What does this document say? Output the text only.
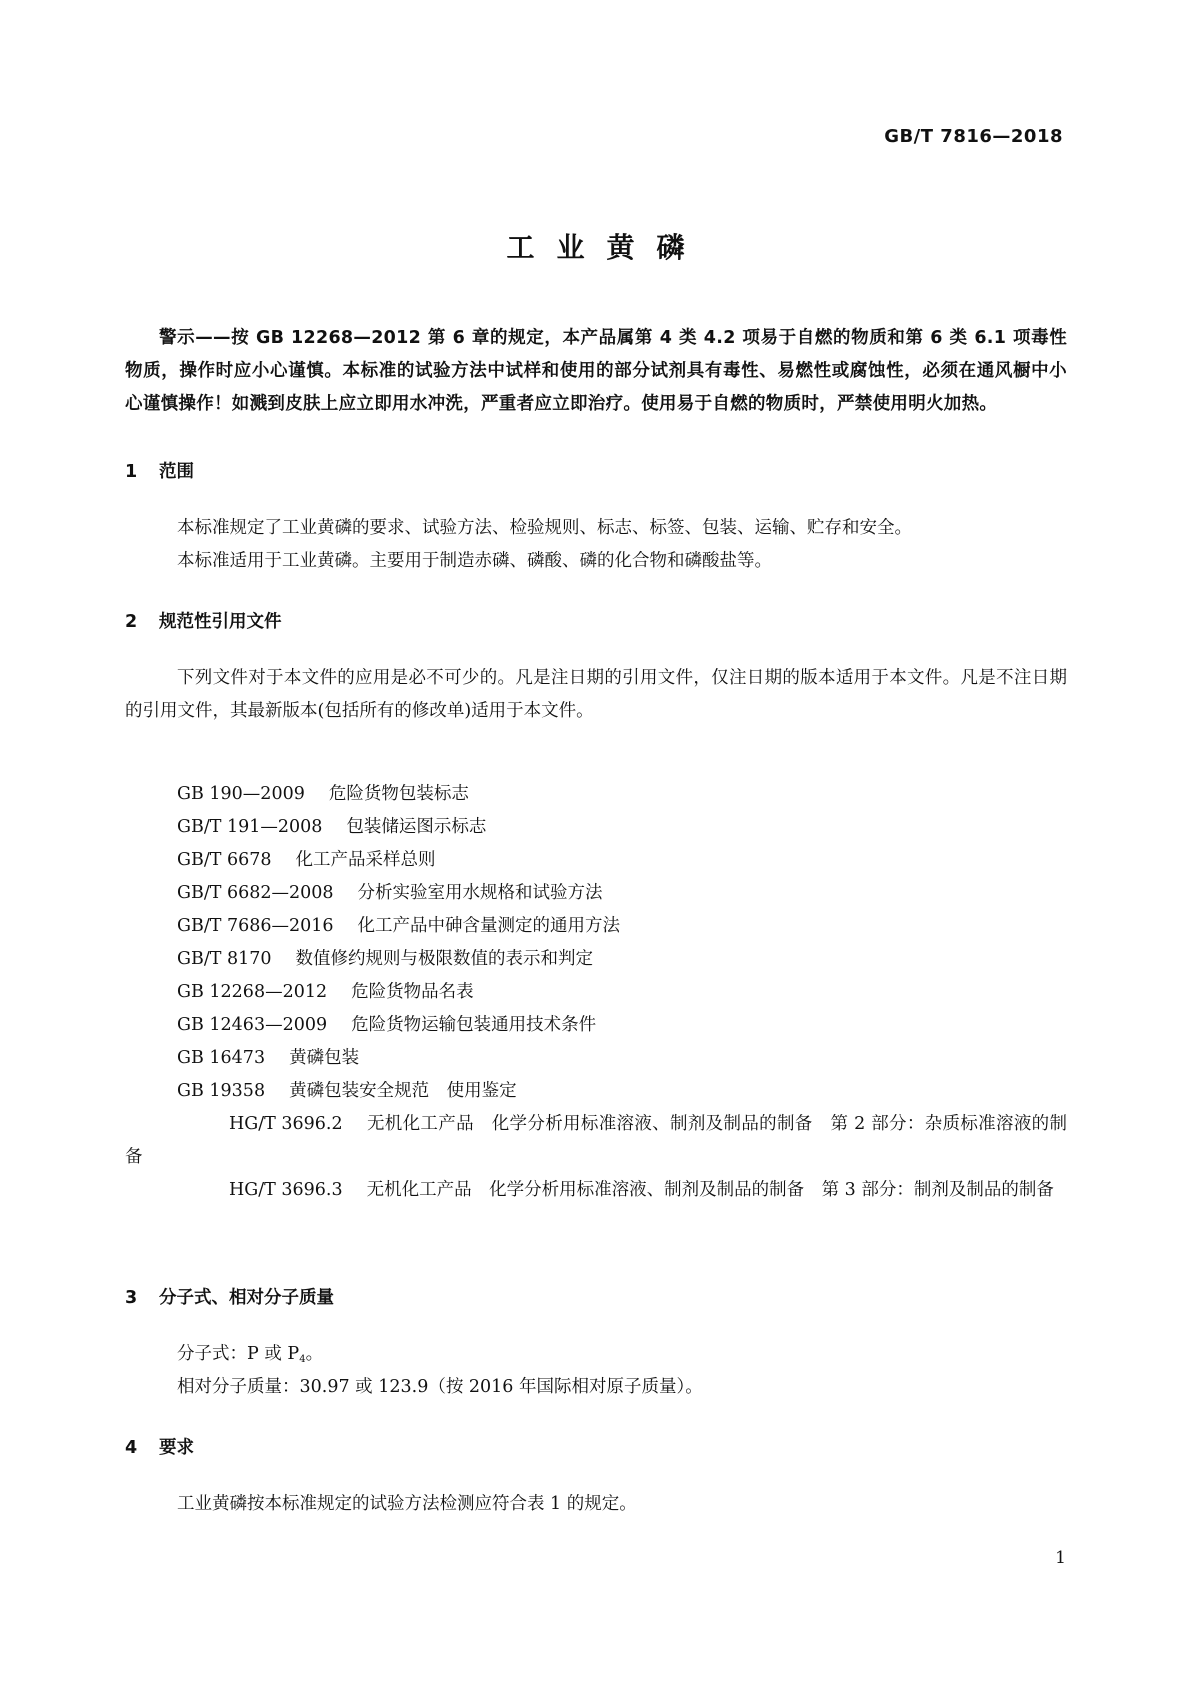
GB/T 7816—2018
工业黄磷

警示——按 GB 12268—2012 第 6 章的规定，本产品属第 4 类 4.2 项易于自燃的物质和第 6 类 6.1 项毒性物质，操作时应小心谨慎。本标准的试验方法中试样和使用的部分试剂具有毒性、易燃性或腐蚀性，必须在通风橱中小心谨慎操作！如溅到皮肤上应立即用水冲洗，严重者应立即治疗。使用易于自燃的物质时，严禁使用明火加热。

1 范围

本标准规定了工业黄磷的要求、试验方法、检验规则、标志、标签、包装、运输、贮存和安全。

本标准适用于工业黄磷。主要用于制造赤磷、磷酸、磷的化合物和磷酸盐等。

2 规范性引用文件

下列文件对于本文件的应用是必不可少的。凡是注日期的引用文件，仅注日期的版本适用于本文件。凡是不注日期的引用文件，其最新版本(包括所有的修改单)适用于本文件。

GB 190—2009 危险货物包装标志
GB/T 191—2008 包装储运图示标志
GB/T 6678 化工产品采样总则
GB/T 6682—2008 分析实验室用水规格和试验方法
GB/T 7686—2016 化工产品中砷含量测定的通用方法
GB/T 8170 数值修约规则与极限数值的表示和判定
GB 12268—2012 危险货物品名表
GB 12463—2009 危险货物运输包装通用技术条件
GB 16473 黄磷包装
GB 19358 黄磷包装安全规范　使用鉴定
HG/T 3696.2 无机化工产品　化学分析用标准溶液、制剂及制品的制备　第 2 部分：杂质标准溶液的制备
HG/T 3696.3 无机化工产品　化学分析用标准溶液、制剂及制品的制备　第 3 部分：制剂及制品的制备
3 分子式、相对分子质量

分子式：P 或 $P_4$。

相对分子质量：30.97 或 123.9（按 2016 年国际相对原子质量）。

4 要求

工业黄磷按本标准规定的试验方法检测应符合表 1 的规定。

1
